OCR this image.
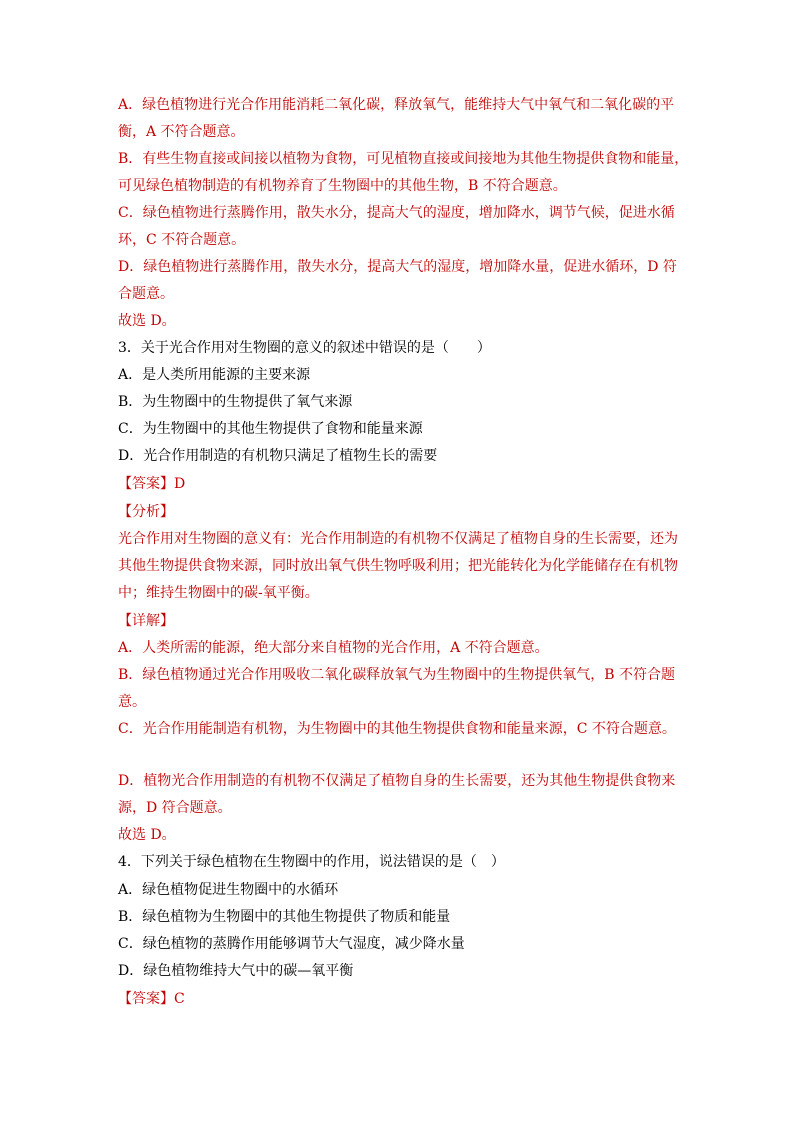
A．绿色植物进行光合作用能消耗二氧化碳，释放氧气，能维持大气中氧气和二氧化碳的平
衡，A 不符合题意。
B．有些生物直接或间接以植物为食物，可见植物直接或间接地为其他生物提供食物和能量，
可见绿色植物制造的有机物养育了生物圈中的其他生物，B 不符合题意。
C．绿色植物进行蒸腾作用，散失水分，提高大气的湿度，增加降水，调节气候，促进水循
环，C 不符合题意。
D．绿色植物进行蒸腾作用，散失水分，提高大气的湿度，增加降水量，促进水循环，D 符
合题意。
故选 D。
3．关于光合作用对生物圈的意义的叙述中错误的是（　　）
A．是人类所用能源的主要来源
B．为生物圈中的生物提供了氧气来源
C．为生物圈中的其他生物提供了食物和能量来源
D．光合作用制造的有机物只满足了植物生长的需要
【答案】D
【分析】
光合作用对生物圈的意义有：光合作用制造的有机物不仅满足了植物自身的生长需要，还为
其他生物提供食物来源，同时放出氧气供生物呼吸利用；把光能转化为化学能储存在有机物
中；维持生物圈中的碳-氧平衡。
【详解】
A．人类所需的能源，绝大部分来自植物的光合作用，A 不符合题意。
B．绿色植物通过光合作用吸收二氧化碳释放氧气为生物圈中的生物提供氧气，B 不符合题
意。
C．光合作用能制造有机物，为生物圈中的其他生物提供食物和能量来源，C 不符合题意。
D．植物光合作用制造的有机物不仅满足了植物自身的生长需要，还为其他生物提供食物来
源，D 符合题意。
故选 D。
4．下列关于绿色植物在生物圈中的作用，说法错误的是（　）
A．绿色植物促进生物圈中的水循环
B．绿色植物为生物圈中的其他生物提供了物质和能量
C．绿色植物的蒸腾作用能够调节大气湿度，减少降水量
D．绿色植物维持大气中的碳—氧平衡
【答案】C
